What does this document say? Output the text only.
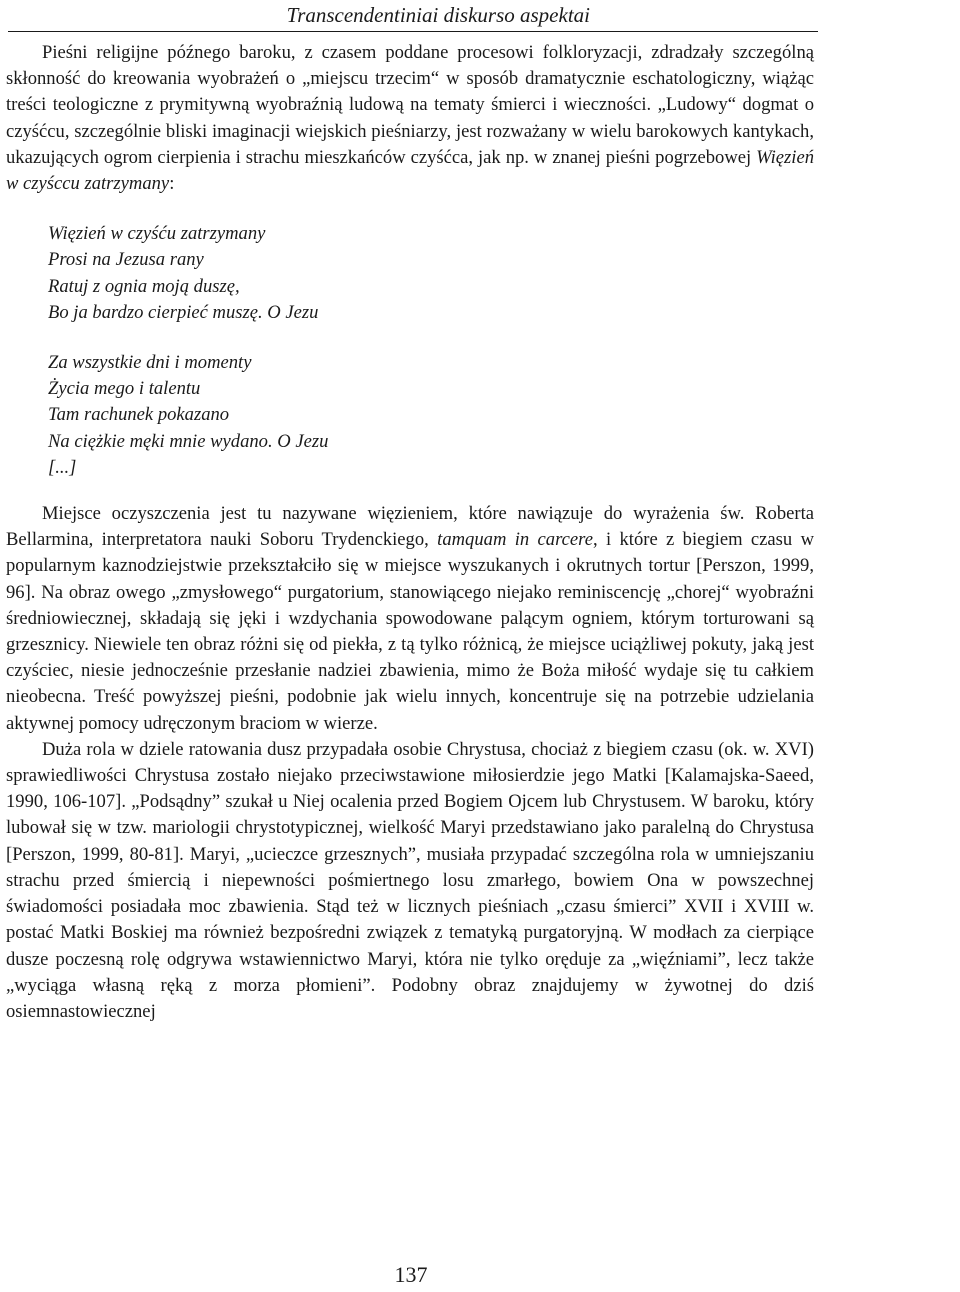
Transcendentiniai diskurso aspektai

Pieśni religijne późnego baroku, z czasem poddane procesowi folkloryzacji, zdradzały szczególną skłonność do kreowania wyobrażeń o „miejscu trzecim“ w sposób dramatycznie eschatologiczny, wiążąc treści teologiczne z prymitywną wyobraźnią ludową na tematy śmierci i wieczności. „Ludowy“ dogmat o czyśćcu, szczególnie bliski imaginacji wiejskich pieśniarzy, jest rozważany w wielu barokowych kantykach, ukazujących ogrom cierpienia i strachu mieszkańców czyśćca, jak np. w znanej pieśni pogrzebowej Więzień w czyśccu zatrzymany:

Więzień w czyśću zatrzymany
Prosi na Jezusa rany
Ratuj z ognia moją duszę,
Bo ja bardzo cierpieć muszę. O Jezu
Za wszystkie dni i momenty
Życia mego i talentu
Tam rachunek pokazano
Na ciężkie męki mnie wydano. O Jezu
[...]

Miejsce oczyszczenia jest tu nazywane więzieniem, które nawiązuje do wyrażenia św. Roberta Bellarmina, interpretatora nauki Soboru Trydenckiego, tamquam in carcere, i które z biegiem czasu w popularnym kaznodziejstwie przekształciło się w miejsce wyszukanych i okrutnych tortur [Perszon, 1999, 96]. Na obraz owego „zmysłowego“ purgatorium, stanowiącego niejako reminiscencję „chorej“ wyobraźni średniowiecznej, składają się jęki i wzdychania spowodowane palącym ogniem, którym torturowani są grzesznicy. Niewiele ten obraz różni się od piekła, z tą tylko różnicą, że miejsce uciążliwej pokuty, jaką jest czyściec, niesie jednocześnie przesłanie nadziei zbawienia, mimo że Boża miłość wydaje się tu całkiem nieobecna. Treść powyższej pieśni, podobnie jak wielu innych, koncentruje się na potrzebie udzielania aktywnej pomocy udręczonym braciom w wierze.

Duża rola w dziele ratowania dusz przypadała osobie Chrystusa, chociaż z biegiem czasu (ok. w. XVI) sprawiedliwości Chrystusa zostało niejako przeciwstawione miłosierdzie jego Matki [Kalamajska-Saeed, 1990, 106-107]. „Podsądny” szukał u Niej ocalenia przed Bogiem Ojcem lub Chrystusem. W baroku, który lubował się w tzw. mariologii chrystotypicznej, wielkość Maryi przedstawiano jako paralelną do Chrystusa [Perszon, 1999, 80-81]. Maryi, „ucieczce grzesznych”, musiała przypadać szczególna rola w umniejszaniu strachu przed śmiercią i niepewności pośmiertnego losu zmarłego, bowiem Ona w powszechnej świadomości posiadała moc zbawienia. Stąd też w licznych pieśniach „czasu śmierci” XVII i XVIII w. postać Matki Boskiej ma również bezpośredni związek z tematyką purgatoryjną. W modłach za cierpiące dusze poczesną rolę odgrywa wstawiennictwo Maryi, która nie tylko oręduje za „więźniami”, lecz także „wyciąga własną ręką z morza płomieni”. Podobny obraz znajdujemy w żywotnej do dziś osiemnastowiecznej

137
